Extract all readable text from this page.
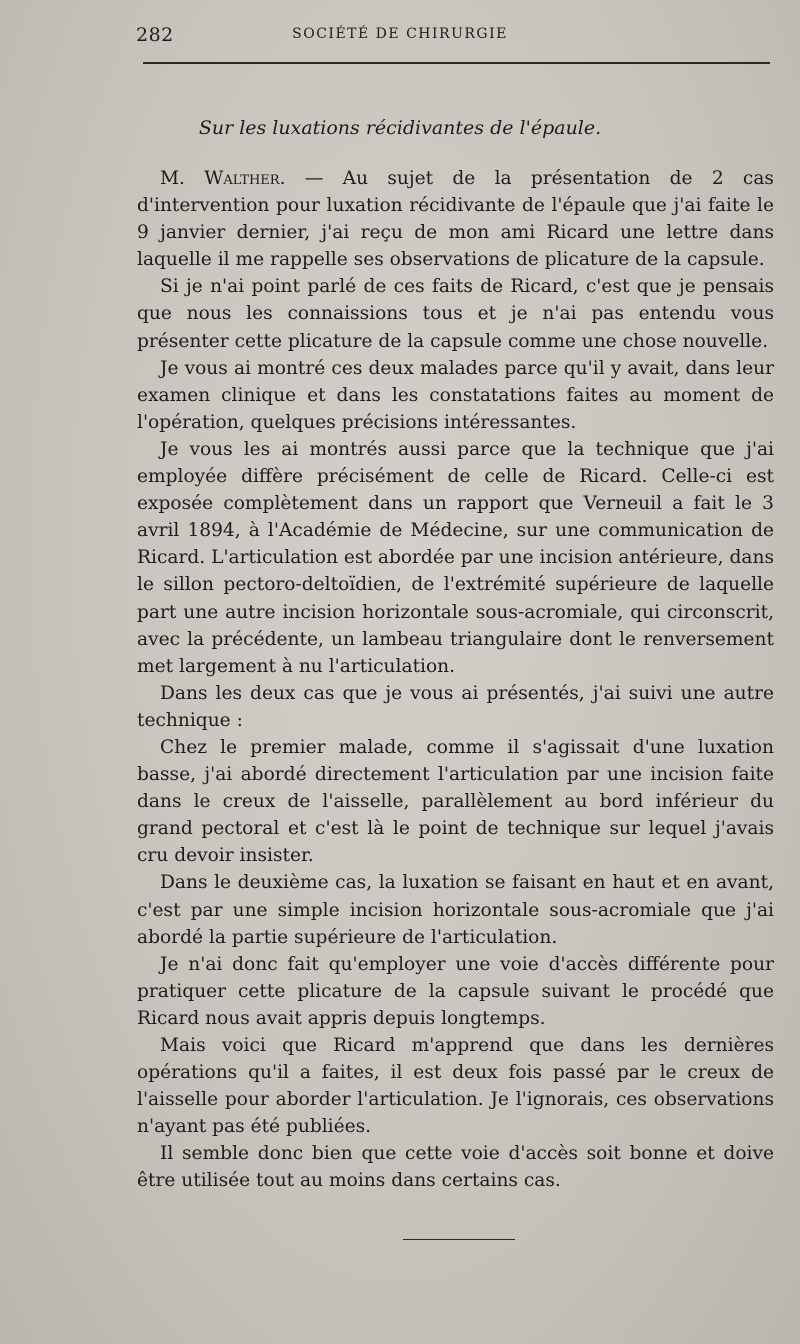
282	SOCIÉTÉ DE CHIRURGIE
Sur les luxations récidivantes de l'épaule.

M. Walther. — Au sujet de la présentation de 2 cas d'intervention pour luxation récidivante de l'épaule que j'ai faite le 9 janvier dernier, j'ai reçu de mon ami Ricard une lettre dans laquelle il me rappelle ses observations de plicature de la capsule.

Si je n'ai point parlé de ces faits de Ricard, c'est que je pensais que nous les connaissions tous et je n'ai pas entendu vous présenter cette plicature de la capsule comme une chose nouvelle.

Je vous ai montré ces deux malades parce qu'il y avait, dans leur examen clinique et dans les constatations faites au moment de l'opération, quelques précisions intéressantes.

Je vous les ai montrés aussi parce que la technique que j'ai employée diffère précisément de celle de Ricard. Celle-ci est exposée complètement dans un rapport que Verneuil a fait le 3 avril 1894, à l'Académie de Médecine, sur une communication de Ricard. L'articulation est abordée par une incision antérieure, dans le sillon pectoro-deltoïdien, de l'extrémité supérieure de laquelle part une autre incision horizontale sous-acromiale, qui circonscrit, avec la précédente, un lambeau triangulaire dont le renversement met largement à nu l'articulation.

Dans les deux cas que je vous ai présentés, j'ai suivi une autre technique :

Chez le premier malade, comme il s'agissait d'une luxation basse, j'ai abordé directement l'articulation par une incision faite dans le creux de l'aisselle, parallèlement au bord inférieur du grand pectoral et c'est là le point de technique sur lequel j'avais cru devoir insister.

Dans le deuxième cas, la luxation se faisant en haut et en avant, c'est par une simple incision horizontale sous-acromiale que j'ai abordé la partie supérieure de l'articulation.

Je n'ai donc fait qu'employer une voie d'accès différente pour pratiquer cette plicature de la capsule suivant le procédé que Ricard nous avait appris depuis longtemps.

Mais voici que Ricard m'apprend que dans les dernières opérations qu'il a faites, il est deux fois passé par le creux de l'aisselle pour aborder l'articulation. Je l'ignorais, ces observations n'ayant pas été publiées.

Il semble donc bien que cette voie d'accès soit bonne et doive être utilisée tout au moins dans certains cas.
